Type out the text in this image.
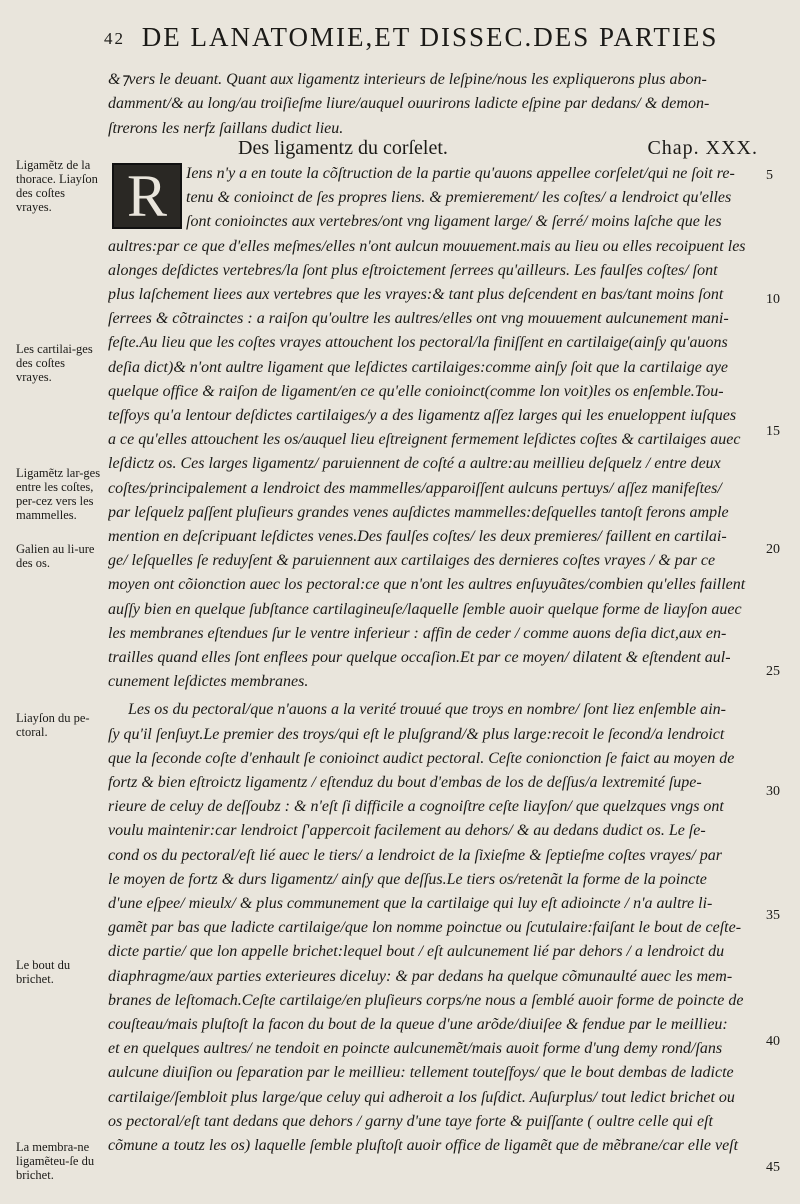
42 DE LANATOMIE,ET DISSEC.DES PARTIES
Des ligamentz du corſelet.	Chap. XXX.
R
&⁊vers le deuant. Quant aux ligamentz interieurs de leſpine/nous les expliquerons plus abon-
damment/& au long/au troiſieſme liure/auquel ouurirons ladicte eſpine par dedans/ & demon-
ſtrerons les nerfz ſaillans dudict lieu.
Iens n'y a en toute la cõſtruction de la partie qu'auons appellee corſelet/qui ne ſoit re-
tenu & conioinct de ſes propres liens. & premierement/ les coſtes/ a lendroict qu'elles
ſont conioinctes aux vertebres/ont vng ligament large/ & ſerré/ moins laſche que les
aultres:par ce que d'elles meſmes/elles n'ont aulcun mouuement.mais au lieu ou elles recoipuent les
alonges deſdictes vertebres/la ſont plus eſtroictement ſerrees qu'ailleurs. Les faulſes coſtes/ ſont
plus laſchement liees aux vertebres que les vrayes:& tant plus deſcendent en bas/tant moins ſont
ſerrees & cõtrainctes : a raiſon qu'oultre les aultres/elles ont vng mouuement aulcunement mani-
feſte.Au lieu que les coſtes vrayes attouchent los pectoral/la finiſſent en cartilaige(ainſy qu'auons
deſia dict)& n'ont aultre ligament que leſdictes cartilaiges:comme ainſy ſoit que la cartilaige aye
quelque office & raiſon de ligament/en ce qu'elle conioinct(comme lon voit)les os enſemble.Tou-
teſfoys qu'a lentour deſdictes cartilaiges/y a des ligamentz aſſez larges qui les enueloppent iuſques
a ce qu'elles attouchent les os/auquel lieu eſtreignent fermement leſdictes coſtes & cartilaiges auec
leſdictz os. Ces larges ligamentz/ paruiennent de coſté a aultre:au meillieu deſquelz / entre deux
coſtes/principalement a lendroict des mammelles/apparoiſſent aulcuns pertuys/ aſſez manifeſtes/
par leſquelz paſſent pluſieurs grandes venes auſdictes mammelles:deſquelles tantoſt ferons ample
mention en deſcripuant leſdictes venes.Des faulſes coſtes/ les deux premieres/ faillent en cartilai-
ge/ leſquelles ſe reduyſent & paruiennent aux cartilaiges des dernieres coſtes vrayes / & par ce
moyen ont cõionction auec los pectoral:ce que n'ont les aultres enſuyuãtes/combien qu'elles faillent
auſſy bien en quelque ſubſtance cartilagineuſe/laquelle ſemble auoir quelque forme de liayſon auec
les membranes eſtendues ſur le ventre inferieur : affin de ceder / comme auons deſia dict,aux en-
trailles quand elles ſont enflees pour quelque occaſion.Et par ce moyen/ dilatent & eſtendent aul-
cunement leſdictes membranes.
Les os du pectoral/que n'auons a la verité trouué que troys en nombre/ ſont liez enſemble ain-
ſy qu'il ſenſuyt.Le premier des troys/qui eſt le pluſgrand/& plus large:recoit le ſecond/a lendroict
que la ſeconde coſte d'enhault ſe conioinct audict pectoral. Ceſte conionction ſe faict au moyen de
fortz & bien eſtroictz ligamentz / eſtenduz du bout d'embas de los de deſſus/a lextremité ſupe-
rieure de celuy de deſſoubz : & n'eſt ſi difficile a cognoiſtre ceſte liayſon/ que quelzques vngs ont
voulu maintenir:car lendroict ſ'appercoit facilement au dehors/ & au dedans dudict os. Le ſe-
cond os du pectoral/eſt lié auec le tiers/ a lendroict de la ſixieſme & ſeptieſme coſtes vrayes/ par
le moyen de fortz & durs ligamentz/ ainſy que deſſus.Le tiers os/retenãt la forme de la poincte
d'une eſpee/ mieulx/ & plus communement que la cartilaige qui luy eſt adioincte / n'a aultre li-
gamẽt par bas que ladicte cartilaige/que lon nomme poinctue ou ſcutulaire:faiſant le bout de ceſte-
dicte partie/ que lon appelle brichet:lequel bout / eſt aulcunement lié par dehors / a lendroict du
diaphragme/aux parties exterieures diceluy: & par dedans ha quelque cõmunaulté auec les mem-
branes de leſtomach.Ceſte cartilaige/en pluſieurs corps/ne nous a ſemblé auoir forme de poincte de
couſteau/mais pluſtoſt la facon du bout de la queue d'une arõde/diuiſee & fendue par le meillieu:
et en quelques aultres/ ne tendoit en poincte aulcunemẽt/mais auoit forme d'ung demy rond/ſans
aulcune diuiſion ou ſeparation par le meillieu: tellement touteſfoys/ que le bout dembas de ladicte
cartilaige/ſembloit plus large/que celuy qui adheroit a los ſuſdict. Auſurplus/ tout ledict brichet ou
os pectoral/eſt tant dedans que dehors / garny d'une taye forte & puiſſante ( oultre celle qui eſt
cõmune a toutz les os) laquelle ſemble pluſtoſt auoir office de ligamẽt que de mẽbrane/car elle veſt
Ligamẽtz de la thorace. Liayſon des coſtes vrayes.
Les cartilai-ges des coſtes vrayes.
Ligamẽtz lar-ges entre les coſtes, per-cez vers les mammelles.
Galien au li-ure des os.
Liayſon du pe-ctoral.
Le bout du brichet.
La membra-ne ligamẽteu-ſe du brichet.
5
10
15
20
25
30
35
40
45
